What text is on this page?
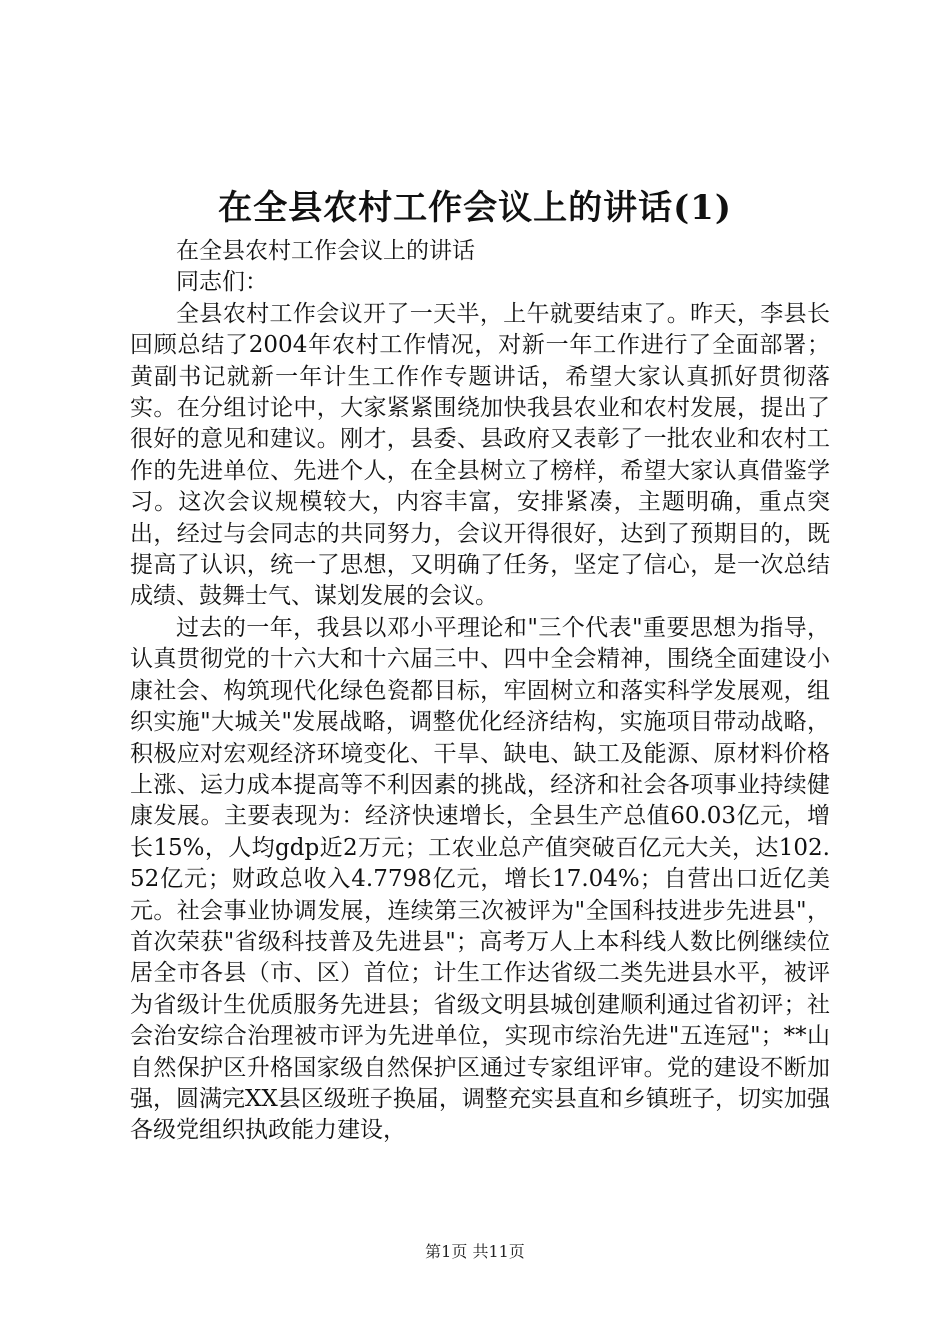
在全县农村工作会议上的讲话(1)

在全县农村工作会议上的讲话

同志们：

全县农村工作会议开了一天半，上午就要结束了。昨天，李县长回顾总结了2004年农村工作情况，对新一年工作进行了全面部署；黄副书记就新一年计生工作作专题讲话，希望大家认真抓好贯彻落实。在分组讨论中，大家紧紧围绕加快我县农业和农村发展，提出了很好的意见和建议。刚才，县委、县政府又表彰了一批农业和农村工作的先进单位、先进个人，在全县树立了榜样，希望大家认真借鉴学习。这次会议规模较大，内容丰富，安排紧凑，主题明确，重点突出，经过与会同志的共同努力，会议开得很好，达到了预期目的，既提高了认识，统一了思想，又明确了任务，坚定了信心，是一次总结成绩、鼓舞士气、谋划发展的会议。

过去的一年，我县以邓小平理论和"三个代表"重要思想为指导，认真贯彻党的十六大和十六届三中、四中全会精神，围绕全面建设小康社会、构筑现代化绿色瓷都目标，牢固树立和落实科学发展观，组织实施"大城关"发展战略，调整优化经济结构，实施项目带动战略，积极应对宏观经济环境变化、干旱、缺电、缺工及能源、原材料价格上涨、运力成本提高等不利因素的挑战，经济和社会各项事业持续健康发展。主要表现为：经济快速增长，全县生产总值60.03亿元，增长15%，人均gdp近2万元；工农业总产值突破百亿元大关，达102.52亿元；财政总收入4.7798亿元，增长17.04%；自营出口近亿美元。社会事业协调发展，连续第三次被评为"全国科技进步先进县"，首次荣获"省级科技普及先进县"；高考万人上本科线人数比例继续位居全市各县（市、区）首位；计生工作达省级二类先进县水平，被评为省级计生优质服务先进县；省级文明县城创建顺利通过省初评；社会治安综合治理被市评为先进单位，实现市综治先进"五连冠"；**山自然保护区升格国家级自然保护区通过专家组评审。党的建设不断加强，圆满完XX县区级班子换届，调整充实县直和乡镇班子，切实加强各级党组织执政能力建设，

第1页 共11页
